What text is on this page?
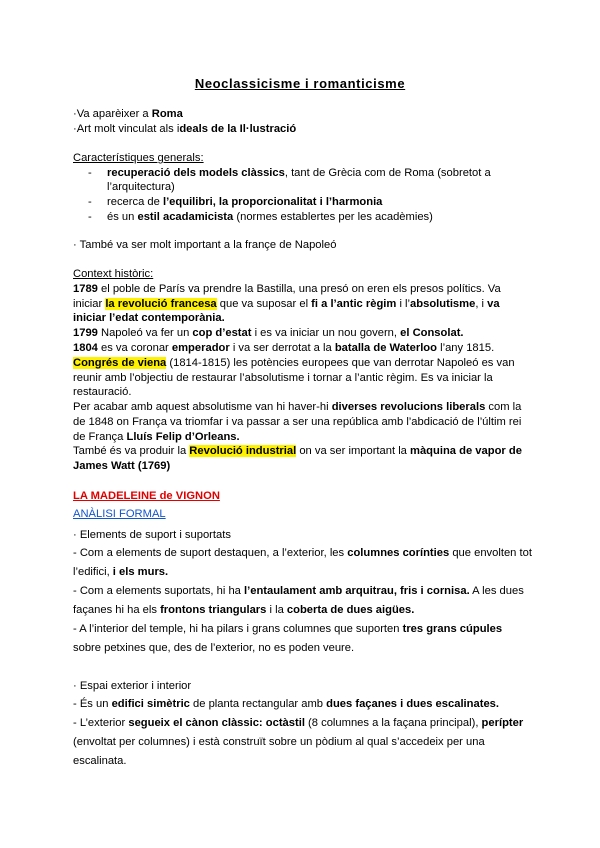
Neoclassicisme i romanticisme
·Va aparèixer a Roma
·Art molt vinculat als ideals de la Il·lustració
Característiques generals:
- recuperació dels models clàssics, tant de Grècia com de Roma (sobretot a
l’arquitectura)
- recerca de l’equilibri, la proporcionalitat i l’harmonia
- és un estil acadamicista (normes establertes per les acadèmies)
· També va ser molt important a la françe de Napoleó
Context històric:
1789 el poble de París va prendre la Bastilla, una presó on eren els presos polítics. Va
iniciar la revolució francesa que va suposar el fi a l’antic règim i l’absolutisme, i va
iniciar l’edat contemporània.
1799 Napoleó va fer un cop d’estat i es va iniciar un nou govern, el Consolat.
1804 es va coronar emperador i va ser derrotat a la batalla de Waterloo l’any 1815.
Congrés de viena (1814-1815) les potències europees que van derrotar Napoleó es van
reunir amb l’objectiu de restaurar l’absolutisme i tornar a l’antic règim. Es va iniciar la
restauració.
Per acabar amb aquest absolutisme van hi haver-hi diverses revolucions liberals com la
de 1848 on França va triomfar i va passar a ser una república amb l’abdicació de l’últim rei
de França Lluís Felip d’Orleans.
També és va produir la Revolució industrial on va ser important la màquina de vapor de
James Watt (1769)
LA MADELEINE de VIGNON
ANÀLISI FORMAL
· Elements de suport i suportats
- Com a elements de suport destaquen, a l’exterior, les columnes corínties que envolten tot
l’edifici, i els murs.
- Com a elements suportats, hi ha l’entaulament amb arquitrau, fris i cornisa. A les dues
façanes hi ha els frontons triangulars i la coberta de dues aigües.
- A l’interior del temple, hi ha pilars i grans columnes que suporten tres grans cúpules
sobre petxines que, des de l’exterior, no es poden veure.
· Espai exterior i interior
- És un edifici simètric de planta rectangular amb dues façanes i dues escalinates.
- L’exterior segueix el cànon clàssic: octàstil (8 columnes a la façana principal), perípter
(envoltat per columnes) i està construït sobre un pòdium al qual s’accedeix per una
escalinata.
